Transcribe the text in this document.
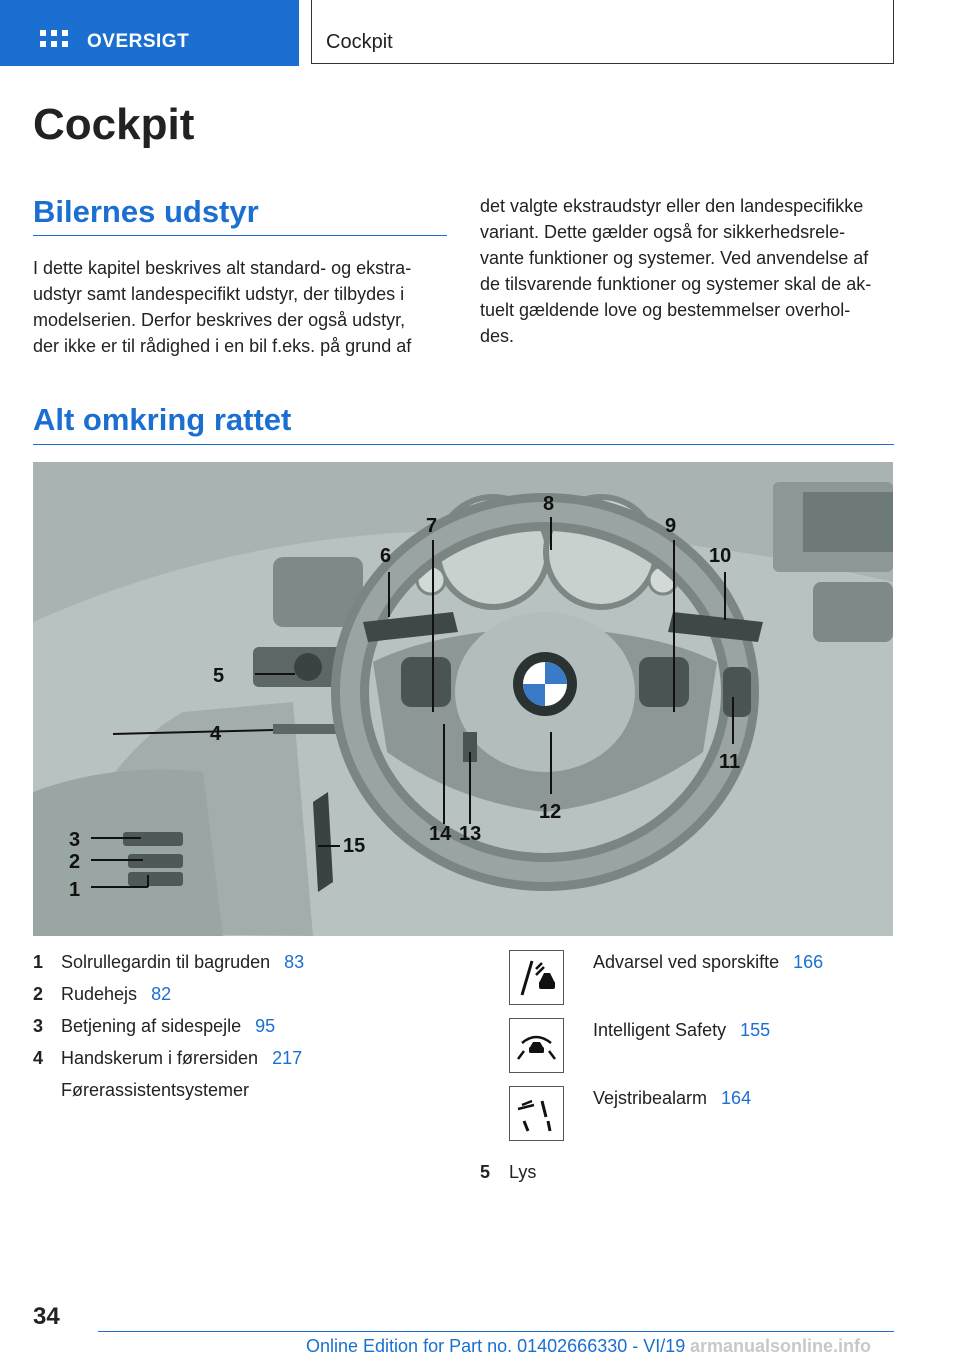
OVERSIGT	Cockpit
Cockpit
Bilernes udstyr
I dette kapitel beskrives alt standard- og ekstra-
udstyr samt landespecifikt udstyr, der tilbydes i
modelserien. Derfor beskrives der også udstyr,
der ikke er til rådighed i en bil f.eks. på grund af
det valgte ekstraudstyr eller den landespecifikke
variant. Dette gælder også for sikkerhedsrele-
vante funktioner og systemer. Ved anvendelse af
de tilsvarende funktioner og systemer skal de ak-
tuelt gældende love og bestemmelser overhol-
des.
Alt omkring rattet
1
2
3
4
5
6
7
8
9
10
11
12
13
14
15
1 Solrullegardin til bagruden 83
2 Rudehejs 82
3 Betjening af sidespejle 95
4 Handskerum i førersiden 217
Førerassistentsystemer
Advarsel ved sporskifte 166
Intelligent Safety 155
Vejstribealarm 164
5 Lys
34
Online Edition for Part no. 01402666330 - VI/19 armanualsonline.info
